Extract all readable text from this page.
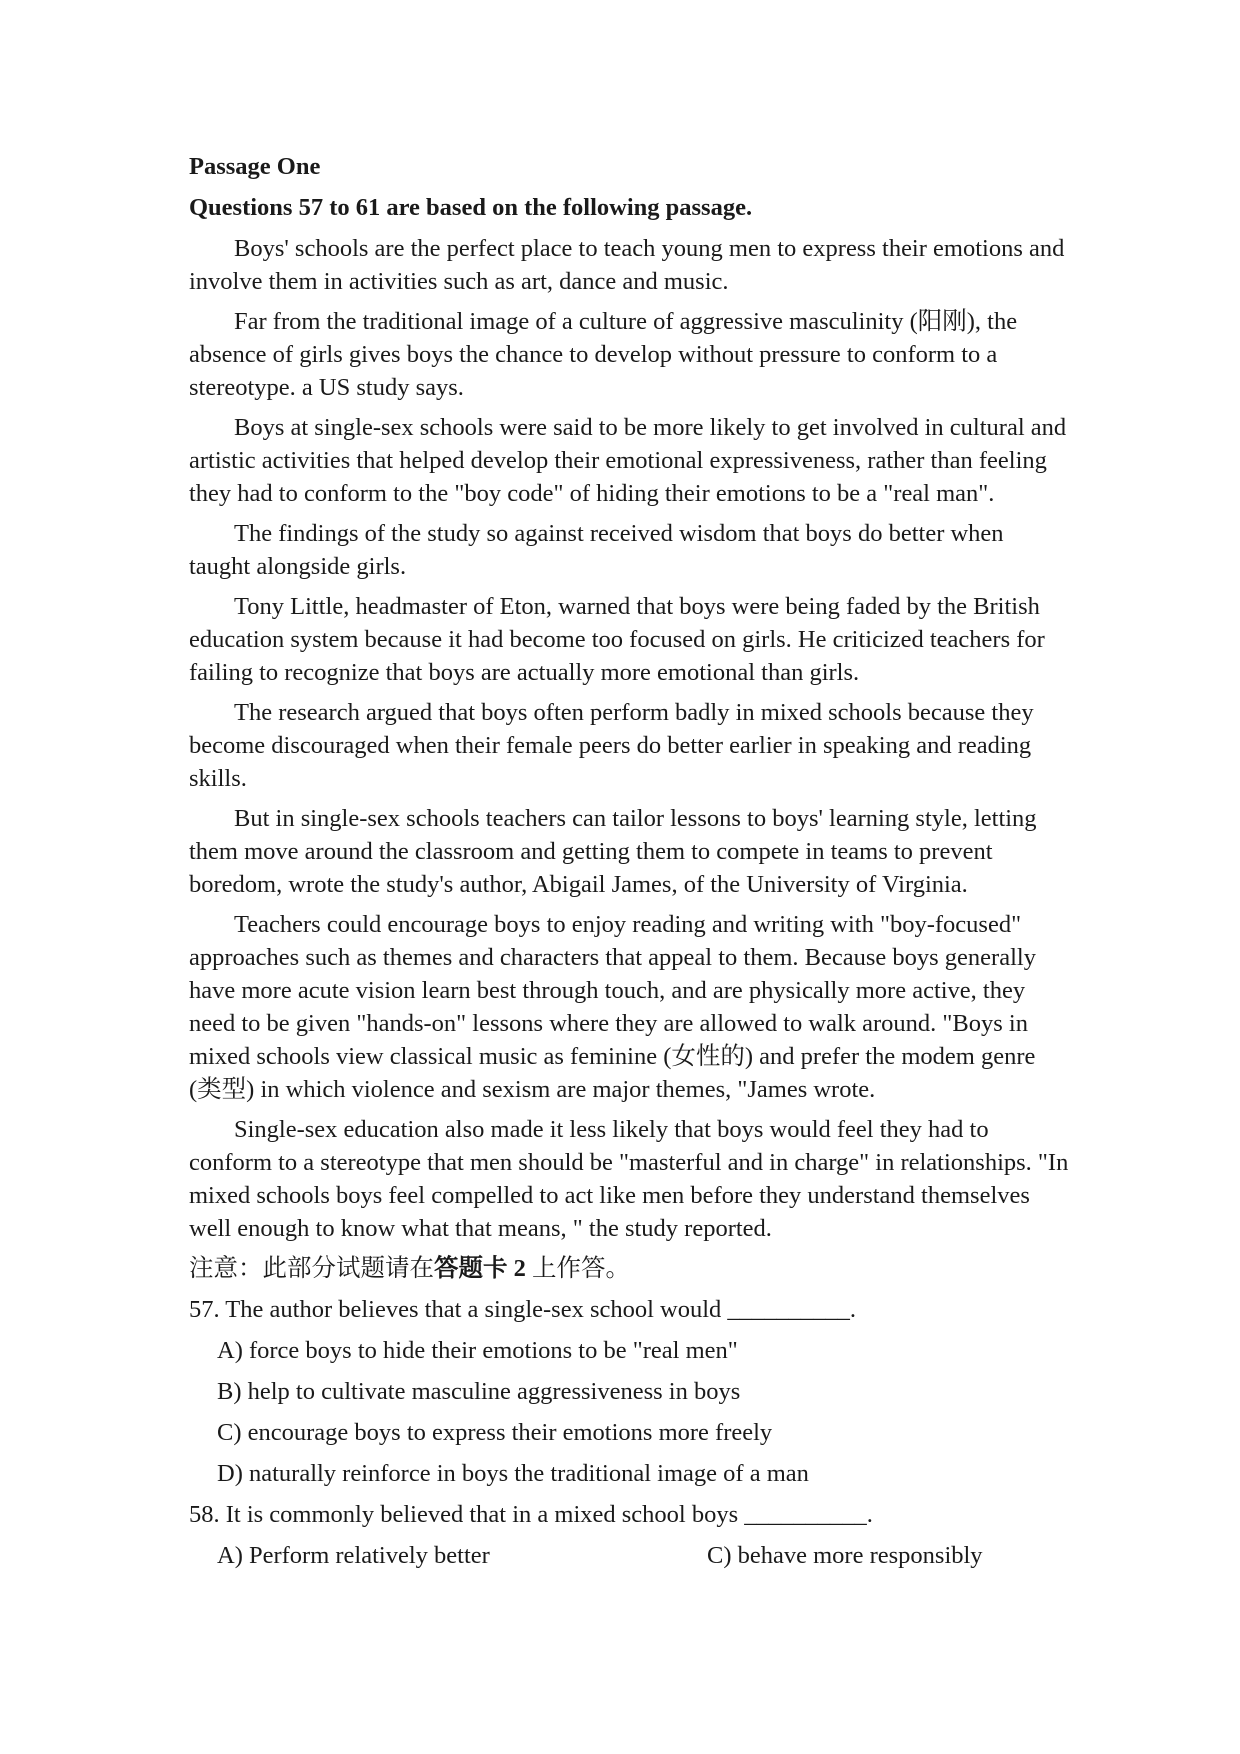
Passage One
Questions 57 to 61 are based on the following passage.

Boys' schools are the perfect place to teach young men to express their emotions and involve them in activities such as art, dance and music.

Far from the traditional image of a culture of aggressive masculinity (阳刚), the absence of girls gives boys the chance to develop without pressure to conform to a stereotype. a US study says.

Boys at single-sex schools were said to be more likely to get involved in cultural and artistic activities that helped develop their emotional expressiveness, rather than feeling they had to conform to the "boy code" of hiding their emotions to be a "real man".

The findings of the study so against received wisdom that boys do better when taught alongside girls.

Tony Little, headmaster of Eton, warned that boys were being faded by the British education system because it had become too focused on girls. He criticized teachers for failing to recognize that boys are actually more emotional than girls.

The research argued that boys often perform badly in mixed schools because they become discouraged when their female peers do better earlier in speaking and reading skills.

But in single-sex schools teachers can tailor lessons to boys' learning style, letting them move around the classroom and getting them to compete in teams to prevent boredom, wrote the study's author, Abigail James, of the University of Virginia.

Teachers could encourage boys to enjoy reading and writing with "boy-focused" approaches such as themes and characters that appeal to them. Because boys generally have more acute vision learn best through touch, and are physically more active, they need to be given "hands-on" lessons where they are allowed to walk around. "Boys in mixed schools view classical music as feminine (女性的) and prefer the modem genre (类型) in which violence and sexism are major themes, "James wrote.

Single-sex education also made it less likely that boys would feel they had to conform to a stereotype that men should be "masterful and in charge" in relationships. "In mixed schools boys feel compelled to act like men before they understand themselves well enough to know what that means, " the study reported.

注意：此部分试题请在答题卡 2 上作答。
57. The author believes that a single-sex school would __________.
A) force boys to hide their emotions to be "real men"
B) help to cultivate masculine aggressiveness in boys
C) encourage boys to express their emotions more freely
D) naturally reinforce in boys the traditional image of a man
58. It is commonly believed that in a mixed school boys __________.
A) Perform relatively better	C) behave more responsibly
